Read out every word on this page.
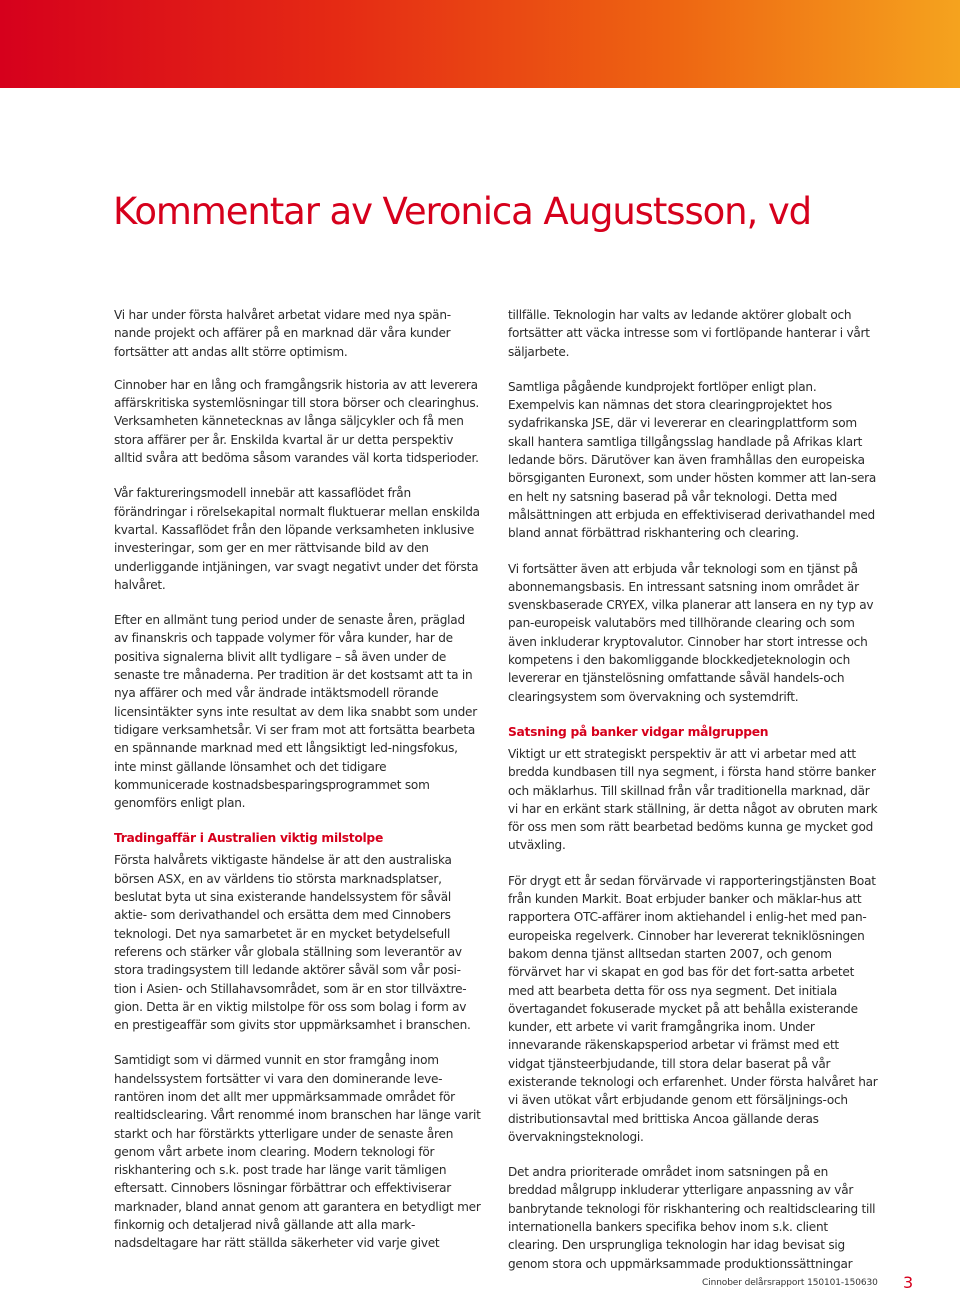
Kommentar av Veronica Augustsson, vd

Vi har under första halvåret arbetat vidare med nya spän-nande projekt och affärer på en marknad där våra kunder fortsätter att andas allt större optimism.

Cinnober har en lång och framgångsrik historia av att leverera affärskritiska systemlösningar till stora börser och clearinghus. Verksamheten kännetecknas av långa säljcykler och få men stora affärer per år. Enskilda kvartal är ur detta perspektiv alltid svåra att bedöma såsom varandes väl korta tidsperioder.

Vår faktureringsmodell innebär att kassaflödet från förändringar i rörelsekapital normalt fluktuerar mellan enskilda kvartal. Kassaflödet från den löpande verksamheten inklusive investeringar, som ger en mer rättvisande bild av den underliggande intjäningen, var svagt negativt under det första halvåret.

Efter en allmänt tung period under de senaste åren, präglad av finanskris och tappade volymer för våra kunder, har de positiva signalerna blivit allt tydligare – så även under de senaste tre månaderna. Per tradition är det kostsamt att ta in nya affärer och med vår ändrade intäktsmodell rörande licensintäkter syns inte resultat av dem lika snabbt som under tidigare verksamhetsår. Vi ser fram mot att fortsätta bearbeta en spännande marknad med ett långsiktigt led-ningsfokus, inte minst gällande lönsamhet och det tidigare kommunicerade kostnadsbesparingsprogrammet som genomförs enligt plan.

Tradingaffär i Australien viktig milstolpe

Första halvårets viktigaste händelse är att den australiska börsen ASX, en av världens tio största marknadsplatser, beslutat byta ut sina existerande handelssystem för såväl aktie- som derivathandel och ersätta dem med Cinnobers teknologi. Det nya samarbetet är en mycket betydelsefull referens och stärker vår globala ställning som leverantör av stora tradingsystem till ledande aktörer såväl som vår posi-tion i Asien- och Stillahavsområdet, som är en stor tillväxtre-gion. Detta är en viktig milstolpe för oss som bolag i form av en prestigeaffär som givits stor uppmärksamhet i branschen.

Samtidigt som vi därmed vunnit en stor framgång inom handelssystem fortsätter vi vara den dominerande leve-rantören inom det allt mer uppmärksammade området för realtidsclearing. Vårt renommé inom branschen har länge varit starkt och har förstärkts ytterligare under de senaste åren genom vårt arbete inom clearing. Modern teknologi för riskhantering och s.k. post trade har länge varit tämligen eftersatt. Cinnobers lösningar förbättrar och effektiviserar marknader, bland annat genom att garantera en betydligt mer finkornig och detaljerad nivå gällande att alla mark-nadsdeltagare har rätt ställda säkerheter vid varje givet

tillfälle. Teknologin har valts av ledande aktörer globalt och fortsätter att väcka intresse som vi fortlöpande hanterar i vårt säljarbete.

Samtliga pågående kundprojekt fortlöper enligt plan. Exempelvis kan nämnas det stora clearingprojektet hos sydafrikanska JSE, där vi levererar en clearingplattform som skall hantera samtliga tillgångsslag handlade på Afrikas klart ledande börs. Därutöver kan även framhållas den europeiska börsgiganten Euronext, som under hösten kommer att lan-sera en helt ny satsning baserad på vår teknologi. Detta med målsättningen att erbjuda en effektiviserad derivathandel med bland annat förbättrad riskhantering och clearing.

Vi fortsätter även att erbjuda vår teknologi som en tjänst på abonnemangsbasis. En intressant satsning inom området är svenskbaserade CRYEX, vilka planerar att lansera en ny typ av pan-europeisk valutabörs med tillhörande clearing och som även inkluderar kryptovalutor. Cinnober har stort intresse och kompetens i den bakomliggande blockkedjeteknologin och levererar en tjänstelösning omfattande såväl handels-och clearingsystem som övervakning och systemdrift.

Satsning på banker vidgar målgruppen

Viktigt ur ett strategiskt perspektiv är att vi arbetar med att bredda kundbasen till nya segment, i första hand större banker och mäklarhus. Till skillnad från vår traditionella marknad, där vi har en erkänt stark ställning, är detta något av obruten mark för oss men som rätt bearbetad bedöms kunna ge mycket god utväxling.

För drygt ett år sedan förvärvade vi rapporteringstjänsten Boat från kunden Markit. Boat erbjuder banker och mäklar-hus att rapportera OTC-affärer inom aktiehandel i enlig-het med pan-europeiska regelverk. Cinnober har levererat tekniklösningen bakom denna tjänst alltsedan starten 2007, och genom förvärvet har vi skapat en god bas för det fort-satta arbetet med att bearbeta detta för oss nya segment. Det initiala övertagandet fokuserade mycket på att behålla existerande kunder, ett arbete vi varit framgångrika inom. Under innevarande räkenskapsperiod arbetar vi främst med ett vidgat tjänsteerbjudande, till stora delar baserat på vår existerande teknologi och erfarenhet. Under första halvåret har vi även utökat vårt erbjudande genom ett försäljnings-och distributionsavtal med brittiska Ancoa gällande deras övervakningsteknologi.

Det andra prioriterade området inom satsningen på en breddad målgrupp inkluderar ytterligare anpassning av vår banbrytande teknologi för riskhantering och realtidsclearing till internationella bankers specifika behov inom s.k. client clearing. Den ursprungliga teknologin har idag bevisat sig genom stora och uppmärksammade produktionssättningar

Cinnober delårsrapport 150101-150630 3
